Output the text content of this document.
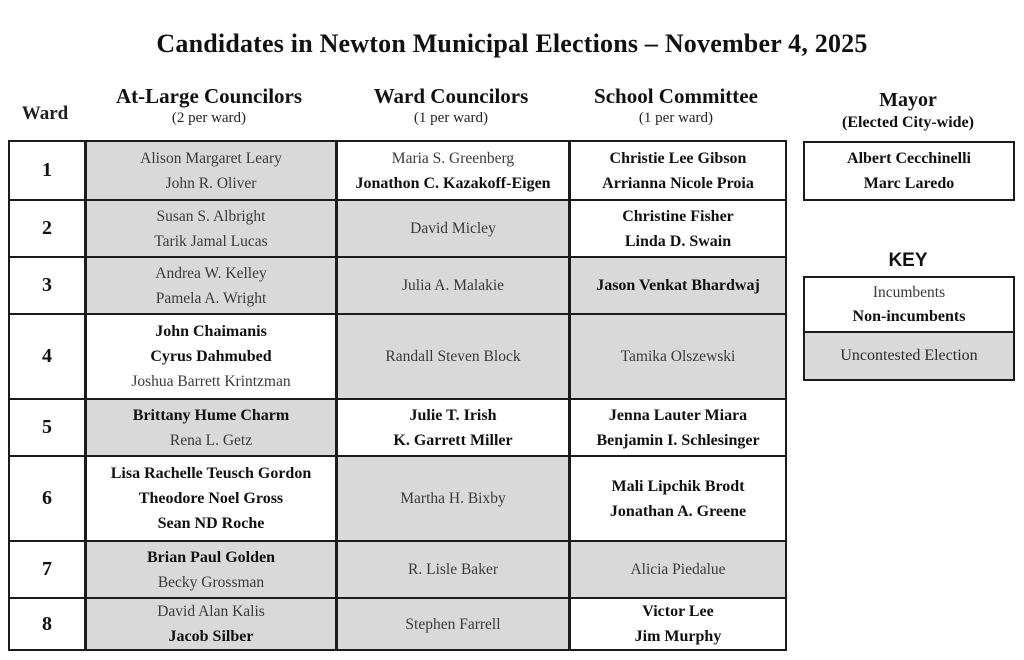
Candidates in Newton Municipal Elections – November 4, 2025
Ward
At-Large Councilors
(2 per ward)
Ward Councilors
(1 per ward)
School Committee
(1 per ward)
Mayor
(Elected City-wide)
1
2
3
4
5
6
7
8
Alison Margaret Leary
John R. Oliver
Susan S. Albright
Tarik Jamal Lucas
Andrea W. Kelley
Pamela A. Wright
John Chaimanis
Cyrus Dahmubed
Joshua Barrett Krintzman
Brittany Hume Charm
Rena L. Getz
Lisa Rachelle Teusch Gordon
Theodore Noel Gross
Sean ND Roche
Brian Paul Golden
Becky Grossman
David Alan Kalis
Jacob Silber
Maria S. Greenberg
Jonathon C. Kazakoff-Eigen
David Micley
Julia A. Malakie
Randall Steven Block
Julie T. Irish
K. Garrett Miller
Martha H. Bixby
R. Lisle Baker
Stephen Farrell
Christie Lee Gibson
Arrianna Nicole Proia
Christine Fisher
Linda D. Swain
Jason Venkat Bhardwaj
Tamika Olszewski
Jenna Lauter Miara
Benjamin I. Schlesinger
Mali Lipchik Brodt
Jonathan A. Greene
Alicia Piedalue
Victor Lee
Jim Murphy
Albert Cecchinelli
Marc Laredo
KEY
Incumbents
Non-incumbents
Uncontested Election
